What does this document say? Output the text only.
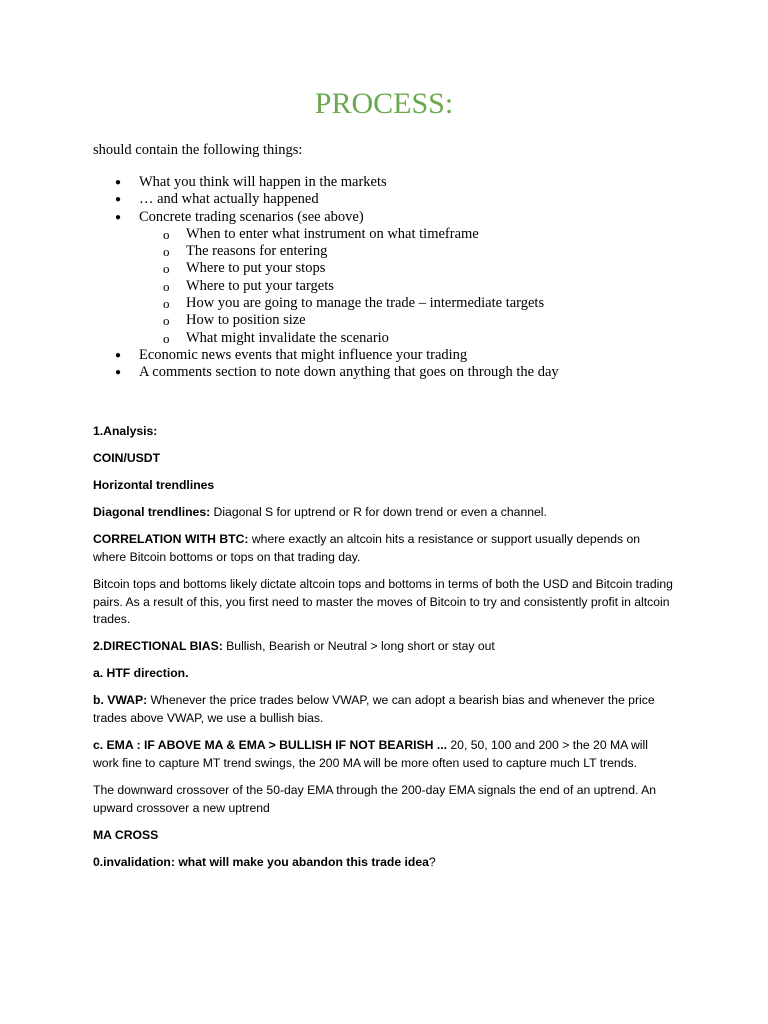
PROCESS:

should contain the following things:

● What you think will happen in the markets
● … and what actually happened
● Concrete trading scenarios (see above)
o When to enter what instrument on what timeframe
o The reasons for entering
o Where to put your stops
o Where to put your targets
o How you are going to manage the trade – intermediate targets
o How to position size
o What might invalidate the scenario
● Economic news events that might influence your trading
● A comments section to note down anything that goes on through the day

1.Analysis:

COIN/USDT

Horizontal trendlines

Diagonal trendlines: Diagonal S for uptrend or R for down trend or even a channel.

CORRELATION WITH BTC: where exactly an altcoin hits a resistance or support usually depends on where Bitcoin bottoms or tops on that trading day.

Bitcoin tops and bottoms likely dictate altcoin tops and bottoms in terms of both the USD and Bitcoin trading pairs. As a result of this, you first need to master the moves of Bitcoin to try and consistently profit in altcoin trades.

2.DIRECTIONAL BIAS: Bullish, Bearish or Neutral > long short or stay out

a. HTF direction.

b. VWAP: Whenever the price trades below VWAP, we can adopt a bearish bias and whenever the price trades above VWAP, we use a bullish bias.

c. EMA : IF ABOVE MA & EMA > BULLISH IF NOT BEARISH ... 20, 50, 100 and 200 > the 20 MA will work fine to capture MT trend swings, the 200 MA will be more often used to capture much LT trends.

The downward crossover of the 50-day EMA through the 200-day EMA signals the end of an uptrend. An upward crossover a new uptrend

MA CROSS

0.invalidation: what will make you abandon this trade idea?
